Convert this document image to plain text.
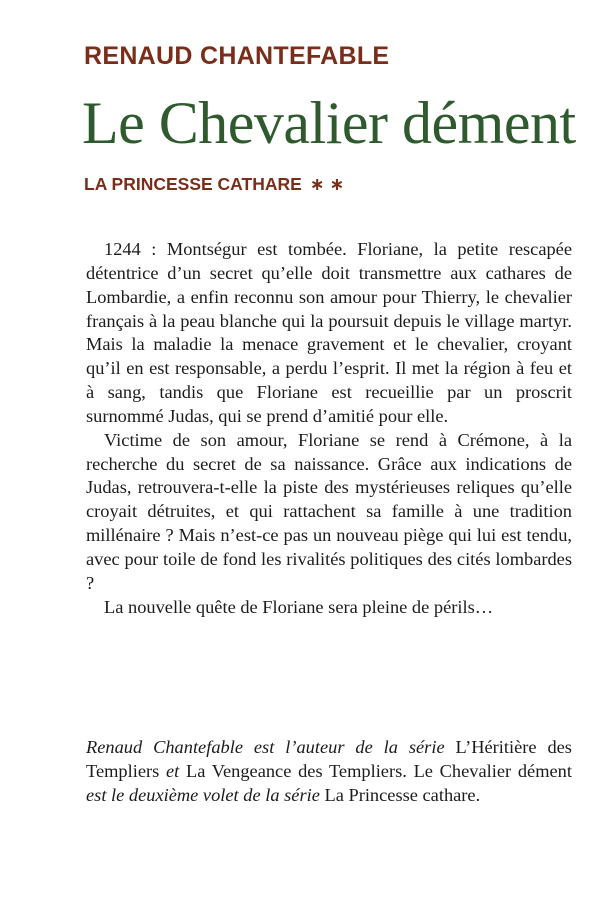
RENAUD CHANTEFABLE
Le Chevalier dément
LA PRINCESSE CATHARE ∗∗

1244 : Montségur est tombée. Floriane, la petite rescapée détentrice d’un secret qu’elle doit transmettre aux cathares de Lombardie, a enfin reconnu son amour pour Thierry, le chevalier français à la peau blanche qui la poursuit depuis le village martyr. Mais la maladie la menace gravement et le chevalier, croyant qu’il en est responsable, a perdu l’esprit. Il met la région à feu et à sang, tandis que Floriane est recueillie par un proscrit surnommé Judas, qui se prend d’amitié pour elle.

Victime de son amour, Floriane se rend à Crémone, à la recherche du secret de sa naissance. Grâce aux indications de Judas, retrouvera-t-elle la piste des mystérieuses reliques qu’elle croyait détruites, et qui rattachent sa famille à une tradition millénaire ? Mais n’est-ce pas un nouveau piège qui lui est tendu, avec pour toile de fond les rivalités politiques des cités lombardes ?

La nouvelle quête de Floriane sera pleine de périls…

Renaud Chantefable est l’auteur de la série L’Héritière des Templiers et La Vengeance des Templiers. Le Chevalier dément est le deuxième volet de la série La Princesse cathare.
